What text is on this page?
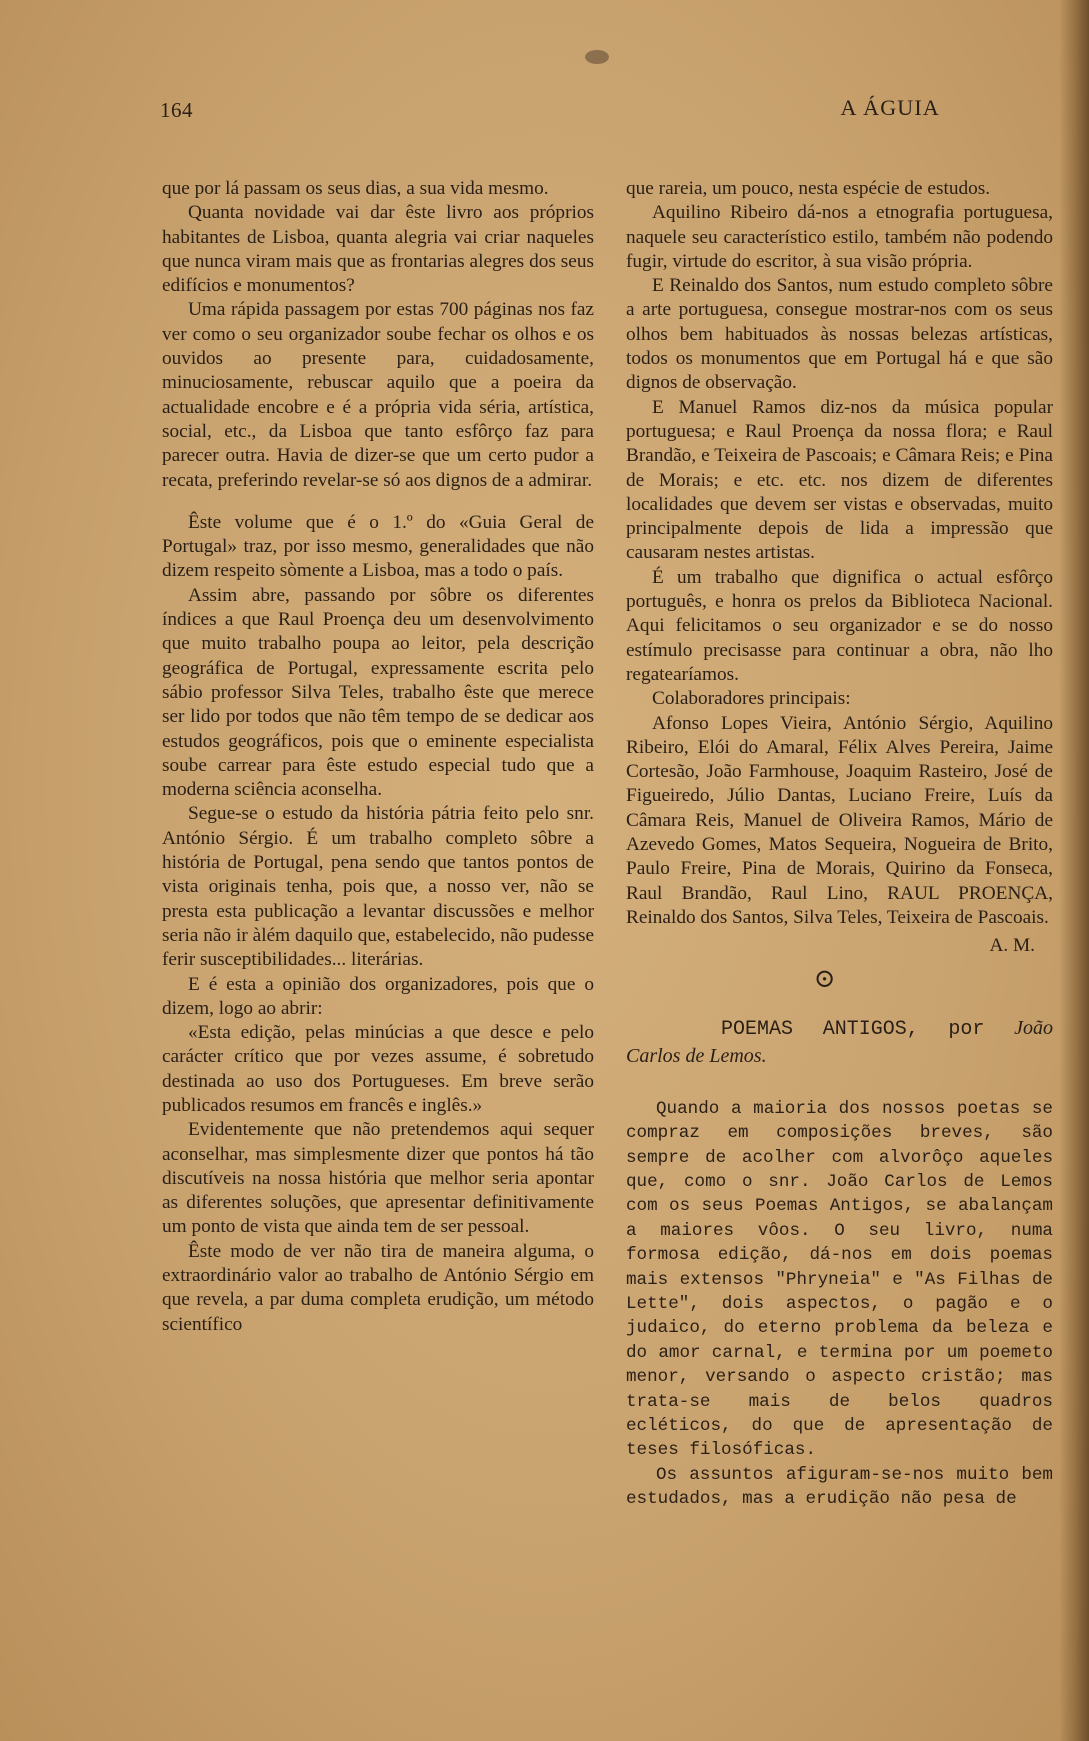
164	A ÁGUIA

que por lá passam os seus dias, a sua vida mesmo.

Quanta novidade vai dar êste livro aos próprios habitantes de Lisboa, quanta alegria vai criar naqueles que nunca viram mais que as frontarias alegres dos seus edifícios e monumentos?

Uma rápida passagem por estas 700 páginas nos faz ver como o seu organizador soube fechar os olhos e os ouvidos ao presente para, cuidadosamente, minuciosamente, rebuscar aquilo que a poeira da actualidade encobre e é a própria vida séria, artística, social, etc., da Lisboa que tanto esfôrço faz para parecer outra. Havia de dizer-se que um certo pudor a recata, preferindo revelar-se só aos dignos de a admirar.

Êste volume que é o 1.º do «Guia Geral de Portugal» traz, por isso mesmo, generalidades que não dizem respeito sòmente a Lisboa, mas a todo o país.

Assim abre, passando por sôbre os diferentes índices a que Raul Proença deu um desenvolvimento que muito trabalho poupa ao leitor, pela descrição geográfica de Portugal, expressamente escrita pelo sábio professor Silva Teles, trabalho êste que merece ser lido por todos que não têm tempo de se dedicar aos estudos geográficos, pois que o eminente especialista soube carrear para êste estudo especial tudo que a moderna sciência aconselha.

Segue-se o estudo da história pátria feito pelo snr. António Sérgio. É um trabalho completo sôbre a história de Portugal, pena sendo que tantos pontos de vista originais tenha, pois que, a nosso ver, não se presta esta publicação a levantar discussões e melhor seria não ir àlém daquilo que, estabelecido, não pudesse ferir susceptibilidades... literárias.

E é esta a opinião dos organizadores, pois que o dizem, logo ao abrir:

«Esta edição, pelas minúcias a que desce e pelo carácter crítico que por vezes assume, é sobretudo destinada ao uso dos Portugueses. Em breve serão publicados resumos em francês e inglês.»

Evidentemente que não pretendemos aqui sequer aconselhar, mas simplesmente dizer que pontos há tão discutíveis na nossa história que melhor seria apontar as diferentes soluções, que apresentar definitivamente um ponto de vista que ainda tem de ser pessoal.

Êste modo de ver não tira de maneira alguma, o extraordinário valor ao trabalho de António Sérgio em que revela, a par duma completa erudição, um método scientífico

que rareia, um pouco, nesta espécie de estudos.

Aquilino Ribeiro dá-nos a etnografia portuguesa, naquele seu característico estilo, também não podendo fugir, virtude do escritor, à sua visão própria.

E Reinaldo dos Santos, num estudo completo sôbre a arte portuguesa, consegue mostrar-nos com os seus olhos bem habituados às nossas belezas artísticas, todos os monumentos que em Portugal há e que são dignos de observação.

E Manuel Ramos diz-nos da música popular portuguesa; e Raul Proença da nossa flora; e Raul Brandão, e Teixeira de Pascoais; e Câmara Reis; e Pina de Morais; e etc. etc. nos dizem de diferentes localidades que devem ser vistas e observadas, muito principalmente depois de lida a impressão que causaram nestes artistas.

É um trabalho que dignifica o actual esfôrço português, e honra os prelos da Biblioteca Nacional. Aqui felicitamos o seu organizador e se do nosso estímulo precisasse para continuar a obra, não lho regatearíamos.

Colaboradores principais:

Afonso Lopes Vieira, António Sérgio, Aquilino Ribeiro, Elói do Amaral, Félix Alves Pereira, Jaime Cortesão, João Farmhouse, Joaquim Rasteiro, José de Figueiredo, Júlio Dantas, Luciano Freire, Luís da Câmara Reis, Manuel de Oliveira Ramos, Mário de Azevedo Gomes, Matos Sequeira, Nogueira de Brito, Paulo Freire, Pina de Morais, Quirino da Fonseca, Raul Brandão, Raul Lino, RAUL PROENÇA, Reinaldo dos Santos, Silva Teles, Teixeira de Pascoais.

A. M.
⊙
POEMAS ANTIGOS, por João Carlos de Lemos.

Quando a maioria dos nossos poetas se compraz em composições breves, são sempre de acolher com alvorôço aqueles que, como o snr. João Carlos de Lemos com os seus Poemas Antigos, se abalançam a maiores vôos. O seu livro, numa formosa edição, dá-nos em dois poemas mais extensos "Phryneia" e "As Filhas de Lette", dois aspectos, o pagão e o judaico, do eterno problema da beleza e do amor carnal, e termina por um poemeto menor, versando o aspecto cristão; mas trata-se mais de belos quadros ecléticos, do que de apresentação de teses filosóficas.

Os assuntos afiguram-se-nos muito bem estudados, mas a erudição não pesa de
